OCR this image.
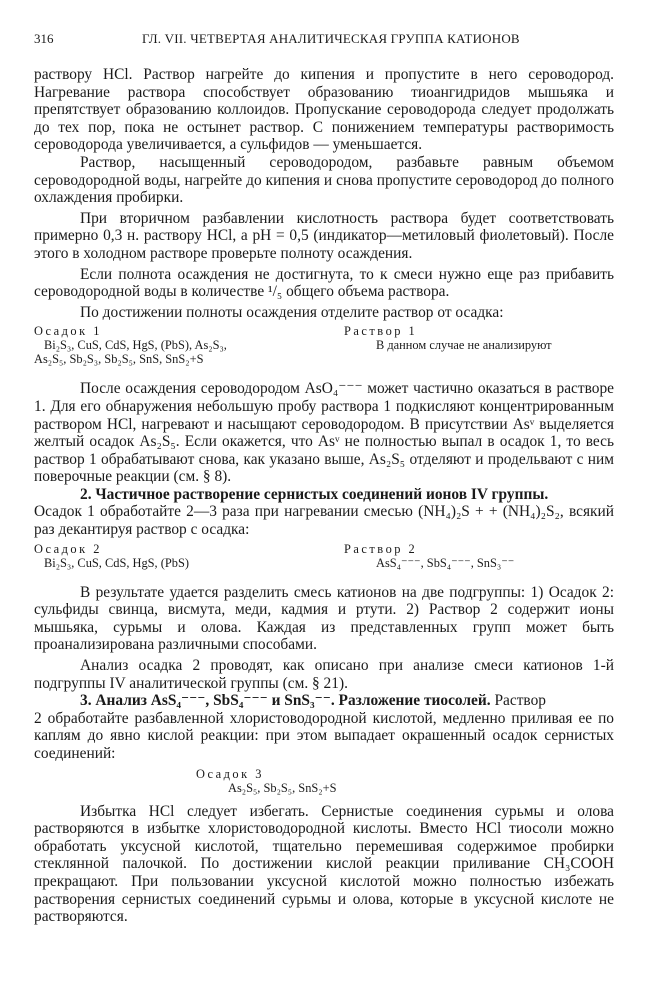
316	ГЛ. VII. ЧЕТВЕРТАЯ АНАЛИТИЧЕСКАЯ ГРУППА КАТИОНОВ
раствору HCl. Раствор нагрейте до кипения и пропустите в него сероводород. Нагревание раствора способствует образованию тиоангидридов мышьяка и препятствует образованию коллоидов. Пропускание сероводорода следует продолжать до тех пор, пока не остынет раствор. С понижением температуры растворимость сероводорода увеличивается, а сульфидов — уменьшается.
Раствор, насыщенный сероводородом, разбавьте равным объемом сероводородной воды, нагрейте до кипения и снова пропустите сероводород до полного охлаждения пробирки.
При вторичном разбавлении кислотность раствора будет соответствовать примерно 0,3 н. раствору HCl, а pH = 0,5 (индикатор—метиловый фиолетовый). После этого в холодном растворе проверьте полноту осаждения.
Если полнота осаждения не достигнута, то к смеси нужно еще раз прибавить сероводородной воды в количестве ¹/₅ общего объема раствора.
По достижении полноты осаждения отделите раствор от осадка:
Осадок 1
Bi₂S₃, CuS, CdS, HgS, (PbS), As₂S₃,
As₂S₅, Sb₂S₃, Sb₂S₅, SnS, SnS₂+S
Раствор 1
В данном случае не анализируют
После осаждения сероводородом AsO₄⁻⁻⁻ может частично оказаться в растворе 1. Для его обнаружения небольшую пробу раствора 1 подкисляют концентрированным раствором HCl, нагревают и насыщают сероводородом. В присутствии Asᵛ выделяется желтый осадок As₂S₅. Если окажется, что Asᵛ не полностью выпал в осадок 1, то весь раствор 1 обрабатывают снова, как указано выше, As₂S₅ отделяют и продельвают с ним поверочные реакции (см. § 8).
2. Частичное растворение сернистых соединений ионов IV группы.
Осадок 1 обработайте 2—3 раза при нагревании смесью (NH₄)₂S + + (NH₄)₂S₂, всякий раз декантируя раствор с осадка:
Осадок 2
Bi₂S₃, CuS, CdS, HgS, (PbS)
Раствор 2
AsS₄⁻⁻⁻, SbS₄⁻⁻⁻, SnS₃⁻⁻
В результате удается разделить смесь катионов на две подгруппы: 1) Осадок 2: сульфиды свинца, висмута, меди, кадмия и ртути. 2) Раствор 2 содержит ионы мышьяка, сурьмы и олова. Каждая из представленных групп может быть проанализирована различными способами.
Анализ осадка 2 проводят, как описано при анализе смеси катионов 1-й подгруппы IV аналитической группы (см. § 21).
3. Анализ AsS₄⁻⁻⁻, SbS₄⁻⁻⁻ и SnS₃⁻⁻. Разложение тиосолей. Раствор
2 обработайте разбавленной хлористоводородной кислотой, медленно приливая ее по каплям до явно кислой реакции: при этом выпадает окрашенный осадок сернистых соединений:
Осадок 3
As₂S₅, Sb₂S₅, SnS₂+S
Избытка HCl следует избегать. Сернистые соединения сурьмы и олова растворяются в избытке хлористоводородной кислоты. Вместо HCl тиосоли можно обработать уксусной кислотой, тщательно перемешивая содержимое пробирки стеклянной палочкой. По достижении кислой реакции приливание CH₃COOH прекращают. При пользовании уксусной кислотой можно полностью избежать растворения сернистых соединений сурьмы и олова, которые в уксусной кислоте не растворяются.
